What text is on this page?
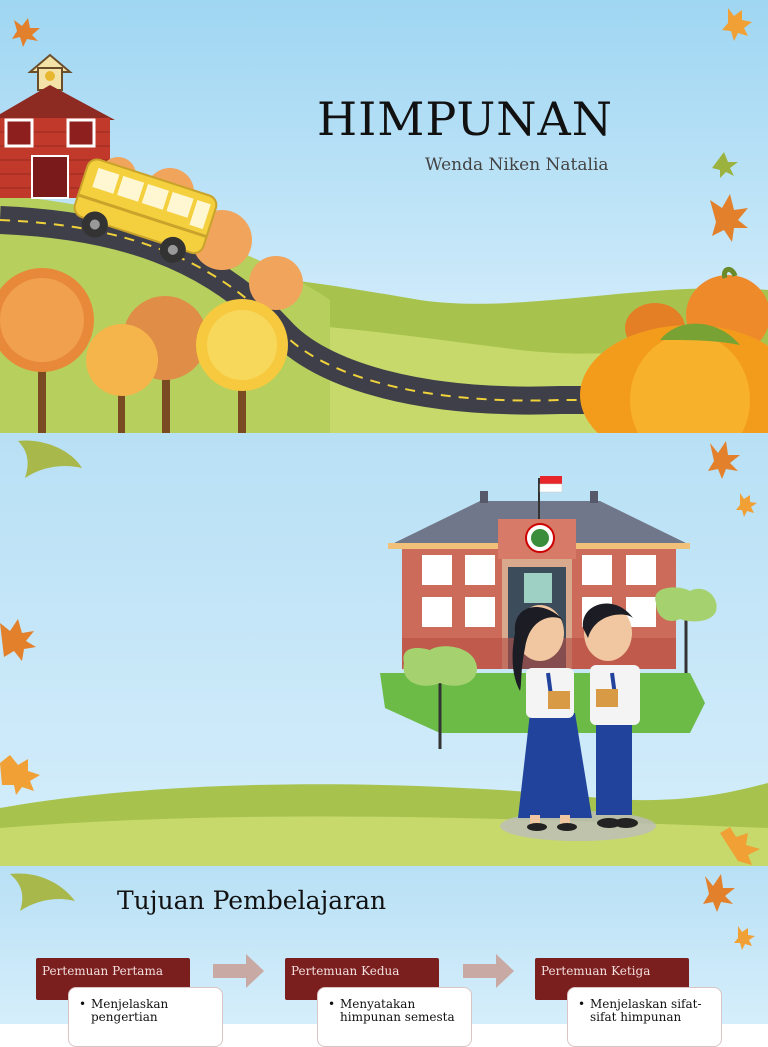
HIMPUNAN
Wenda Niken Natalia
Tujuan Pembelajaran
Pertemuan Pertama
• Menjelaskan pengertian
Pertemuan Kedua
• Menyatakan himpunan semesta
Pertemuan Ketiga
• Menjelaskan sifat-sifat himpunan
